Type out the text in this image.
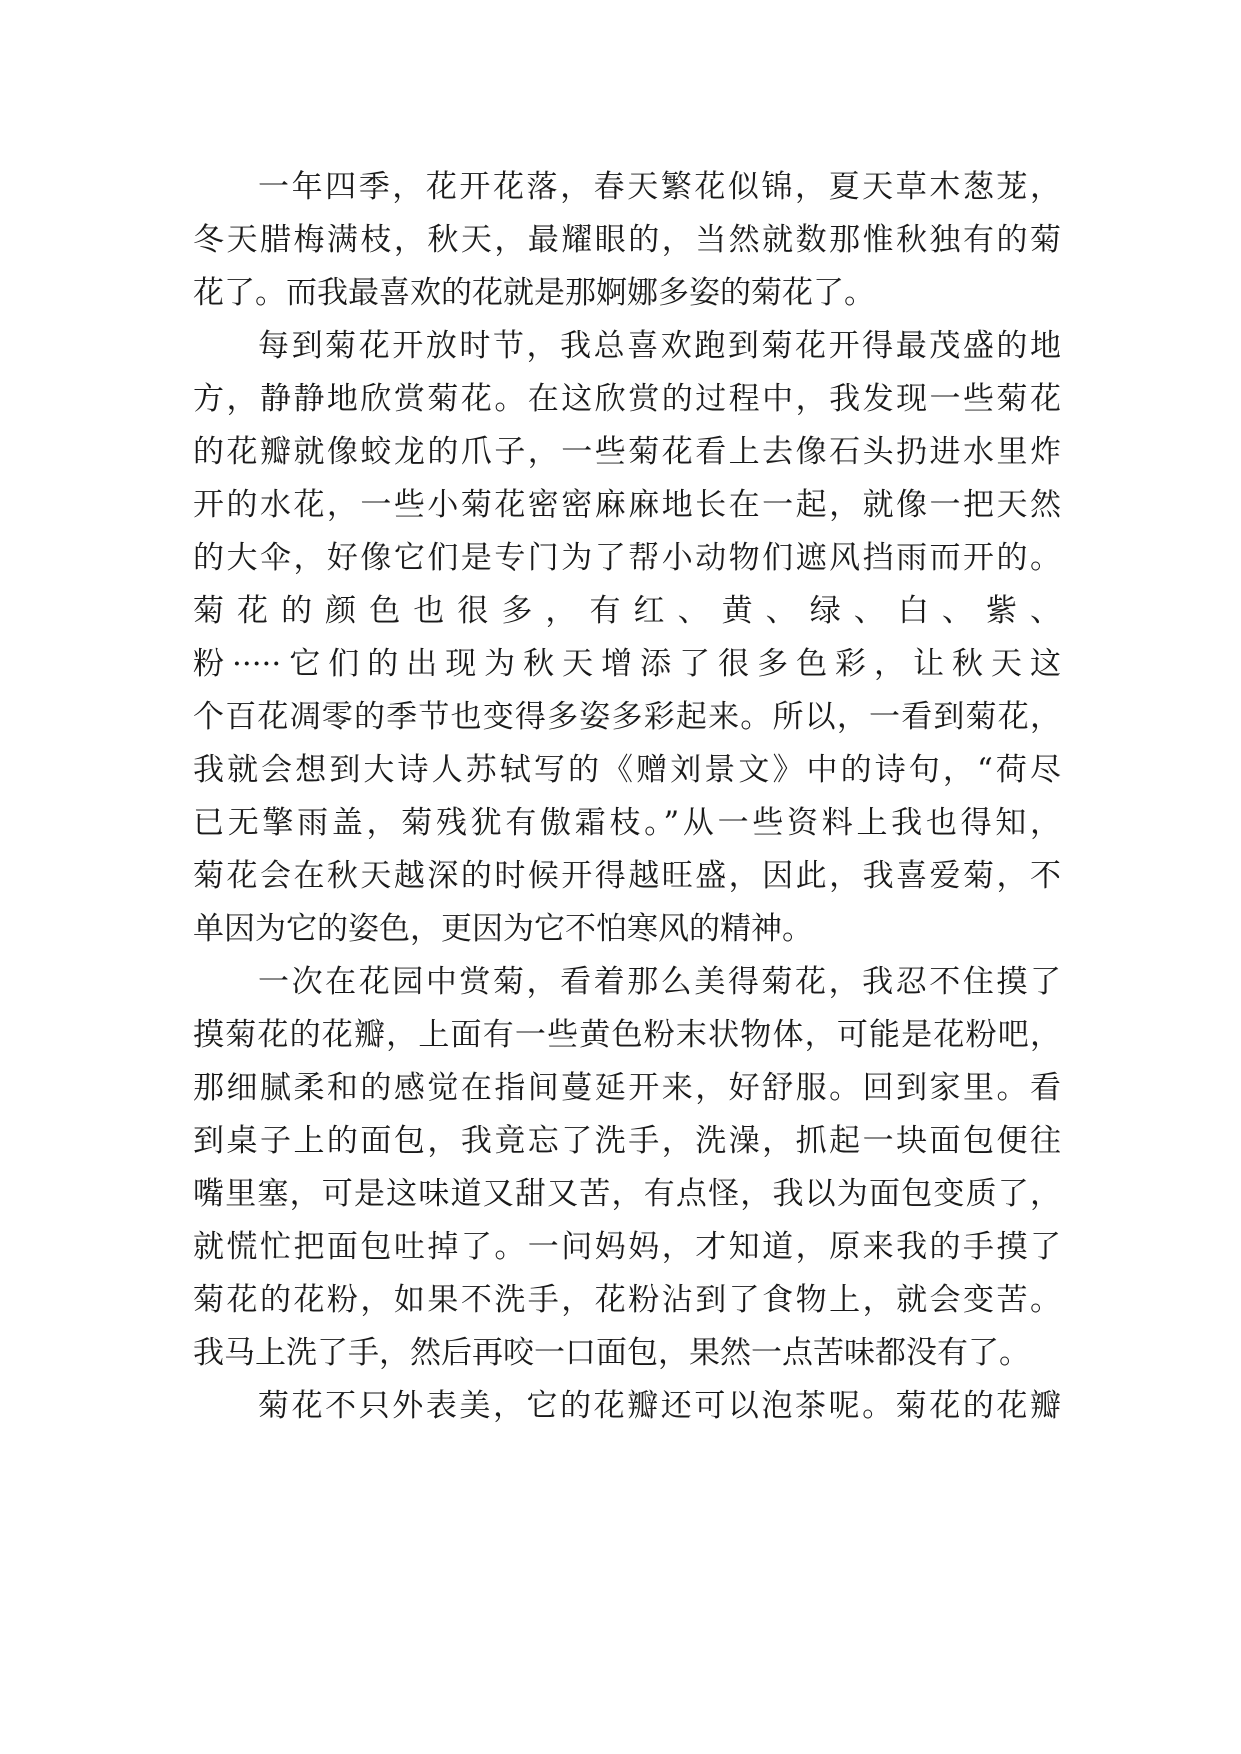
一年四季，花开花落，春天繁花似锦，夏天草木葱茏，
冬天腊梅满枝，秋天，最耀眼的，当然就数那惟秋独有的菊
花了。而我最喜欢的花就是那婀娜多姿的菊花了。
每到菊花开放时节，我总喜欢跑到菊花开得最茂盛的地
方，静静地欣赏菊花。在这欣赏的过程中，我发现一些菊花
的花瓣就像蛟龙的爪子，一些菊花看上去像石头扔进水里炸
开的水花，一些小菊花密密麻麻地长在一起，就像一把天然
的大伞，好像它们是专门为了帮小动物们遮风挡雨而开的。
菊花的颜色也很多，有红、黄、绿、白、紫、
粉·····它们的出现为秋天增添了很多色彩，让秋天这
个百花凋零的季节也变得多姿多彩起来。所以，一看到菊花，
我就会想到大诗人苏轼写的《赠刘景文》中的诗句，“荷尽
已无擎雨盖，菊残犹有傲霜枝。”从一些资料上我也得知，
菊花会在秋天越深的时候开得越旺盛，因此，我喜爱菊，不
单因为它的姿色，更因为它不怕寒风的精神。
一次在花园中赏菊，看着那么美得菊花，我忍不住摸了
摸菊花的花瓣，上面有一些黄色粉末状物体，可能是花粉吧，
那细腻柔和的感觉在指间蔓延开来，好舒服。回到家里。看
到桌子上的面包，我竟忘了洗手，洗澡，抓起一块面包便往
嘴里塞，可是这味道又甜又苦，有点怪，我以为面包变质了，
就慌忙把面包吐掉了。一问妈妈，才知道，原来我的手摸了
菊花的花粉，如果不洗手，花粉沾到了食物上，就会变苦。
我马上洗了手，然后再咬一口面包，果然一点苦味都没有了。
菊花不只外表美，它的花瓣还可以泡茶呢。菊花的花瓣
